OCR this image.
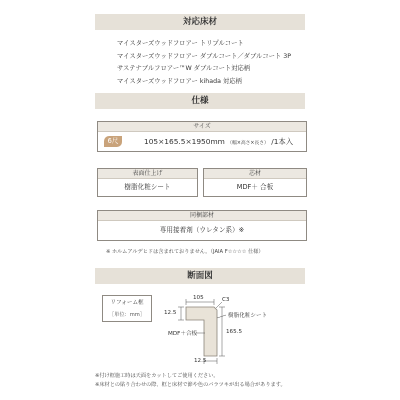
対応床材
マイスターズウッドフロアー トリプルコート
マイスターズウッドフロアー ダブルコート／ダブルコート 3P
サステナブルフロアー™W ダブルコート対応柄
マイスターズウッドフロアー kihada 対応柄
仕様
サイズ
6尺	105×165.5×1950mm （幅×高さ×長さ） /1本入
表面仕上げ
樹脂化粧シート
芯材
MDF＋ 合板
同梱部材
専用接着剤（ウレタン系）※
※ ホルムアルデヒドは含まれておりません。（JAIA F☆☆☆☆ 仕様）
断面図
リフォーム框
［単位：mm］
105	C3
樹脂化粧シート
12.5
165.5
MDF＋合板
12.5
※付け框施工時は天面をカットしてご使用ください。
※床材との貼り合わせの際、框と床材で節や色のバラツキが出る場合があります。
